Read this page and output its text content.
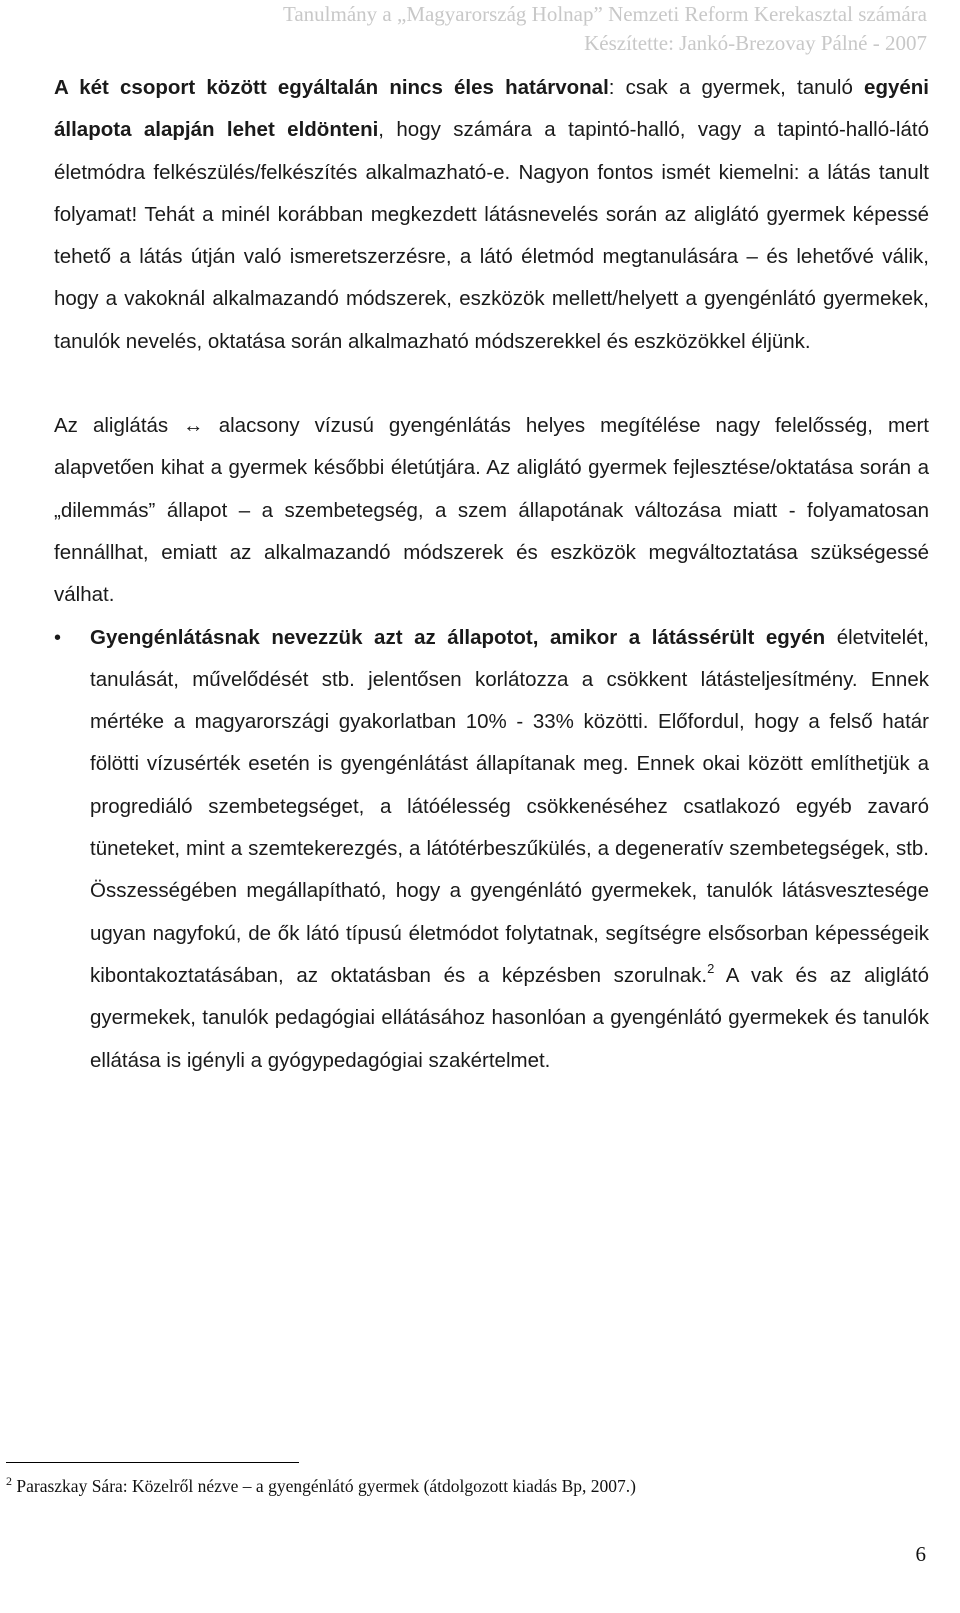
Tanulmány a „Magyarország Holnap” Nemzeti Reform Kerekasztal számára
Készítette: Jankó-Brezovay Pálné - 2007

A két csoport között egyáltalán nincs éles határvonal: csak a gyermek, tanuló egyéni állapota alapján lehet eldönteni, hogy számára a tapintó-halló, vagy a tapintó-halló-látó életmódra felkészülés/felkészítés alkalmazható-e. Nagyon fontos ismét kiemelni: a látás tanult folyamat! Tehát a minél korábban megkezdett látásnevelés során az aliglátó gyermek képessé tehető a látás útján való ismeretszerzésre, a látó életmód megtanulására – és lehetővé válik, hogy a vakoknál alkalmazandó módszerek, eszközök mellett/helyett a gyengénlátó gyermekek, tanulók nevelés, oktatása során alkalmazható módszerekkel és eszközökkel éljünk.

Az aliglátás ↔ alacsony vízusú gyengénlátás helyes megítélése nagy felelősség, mert alapvetően kihat a gyermek későbbi életútjára. Az aliglátó gyermek fejlesztése/oktatása során a „dilemmás” állapot – a szembetegség, a szem állapotának változása miatt - folyamatosan fennállhat, emiatt az alkalmazandó módszerek és eszközök megváltoztatása szükségessé válhat.

• Gyengénlátásnak nevezzük azt az állapotot, amikor a látássérült egyén életvitelét, tanulását, művelődését stb. jelentősen korlátozza a csökkent látásteljesítmény. Ennek mértéke a magyarországi gyakorlatban 10% - 33% közötti. Előfordul, hogy a felső határ fölötti vízusérték esetén is gyengénlátást állapítanak meg. Ennek okai között említhetjük a progrediáló szembetegséget, a látóélesség csökkenéséhez csatlakozó egyéb zavaró tüneteket, mint a szemtekerezgés, a látótérbeszűkülés, a degeneratív szembetegségek, stb. Összességében megállapítható, hogy a gyengénlátó gyermekek, tanulók látásvesztesége ugyan nagyfokú, de ők látó típusú életmódot folytatnak, segítségre elsősorban képességeik kibontakoztatásában, az oktatásban és a képzésben szorulnak.$^2$ A vak és az aliglátó gyermekek, tanulók pedagógiai ellátásához hasonlóan a gyengénlátó gyermekek és tanulók ellátása is igényli a gyógypedagógiai szakértelmet.

$^2$ Paraszkay Sára: Közelről nézve – a gyengénlátó gyermek (átdolgozott kiadás Bp, 2007.)
6
